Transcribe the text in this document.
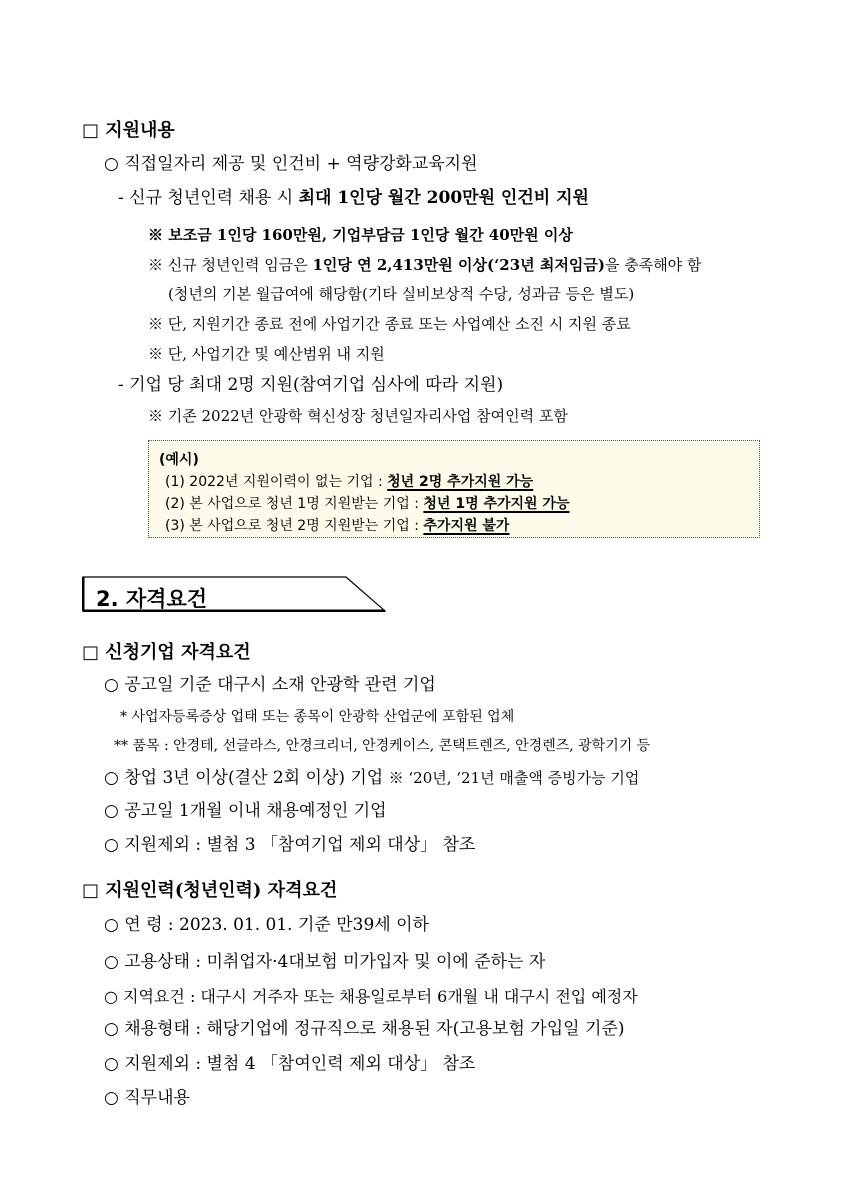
□ 지원내용
○ 직접일자리 제공 및 인건비 + 역량강화교육지원
- 신규 청년인력 채용 시 최대 1인당 월간 200만원 인건비 지원
※ 보조금 1인당 160만원, 기업부담금 1인당 월간 40만원 이상
※ 신규 청년인력 임금은 1인당 연 2,413만원 이상(‘23년 최저임금)을 충족해야 함
(청년의 기본 월급여에 해당함(기타 실비보상적 수당, 성과금 등은 별도)
※ 단, 지원기간 종료 전에 사업기간 종료 또는 사업예산 소진 시 지원 종료
※ 단, 사업기간 및 예산범위 내 지원
- 기업 당 최대 2명 지원(참여기업 심사에 따라 지원)
※ 기존 2022년 안광학 혁신성장 청년일자리사업 참여인력 포함
(예시)
(1) 2022년 지원이력이 없는 기업 : 청년 2명 추가지원 가능
(2) 본 사업으로 청년 1명 지원받는 기업 : 청년 1명 추가지원 가능
(3) 본 사업으로 청년 2명 지원받는 기업 : 추가지원 불가
2. 자격요건
□ 신청기업 자격요건
○ 공고일 기준 대구시 소재 안광학 관련 기업
* 사업자등록증상 업태 또는 종목이 안광학 산업군에 포함된 업체
** 품목 : 안경테, 선글라스, 안경크리너, 안경케이스, 콘택트렌즈, 안경렌즈, 광학기기 등
○ 창업 3년 이상(결산 2회 이상) 기업 ※ ‘20년, ‘21년 매출액 증빙가능 기업
○ 공고일 1개월 이내 채용예정인 기업
○ 지원제외 : 별첨 3 「참여기업 제외 대상」 참조
□ 지원인력(청년인력) 자격요건
○ 연 령 : 2023. 01. 01. 기준 만39세 이하
○ 고용상태 : 미취업자·4대보험 미가입자 및 이에 준하는 자
○ 지역요건 : 대구시 거주자 또는 채용일로부터 6개월 내 대구시 전입 예정자
○ 채용형태 : 해당기업에 정규직으로 채용된 자(고용보험 가입일 기준)
○ 지원제외 : 별첨 4 「참여인력 제외 대상」 참조
○ 직무내용
